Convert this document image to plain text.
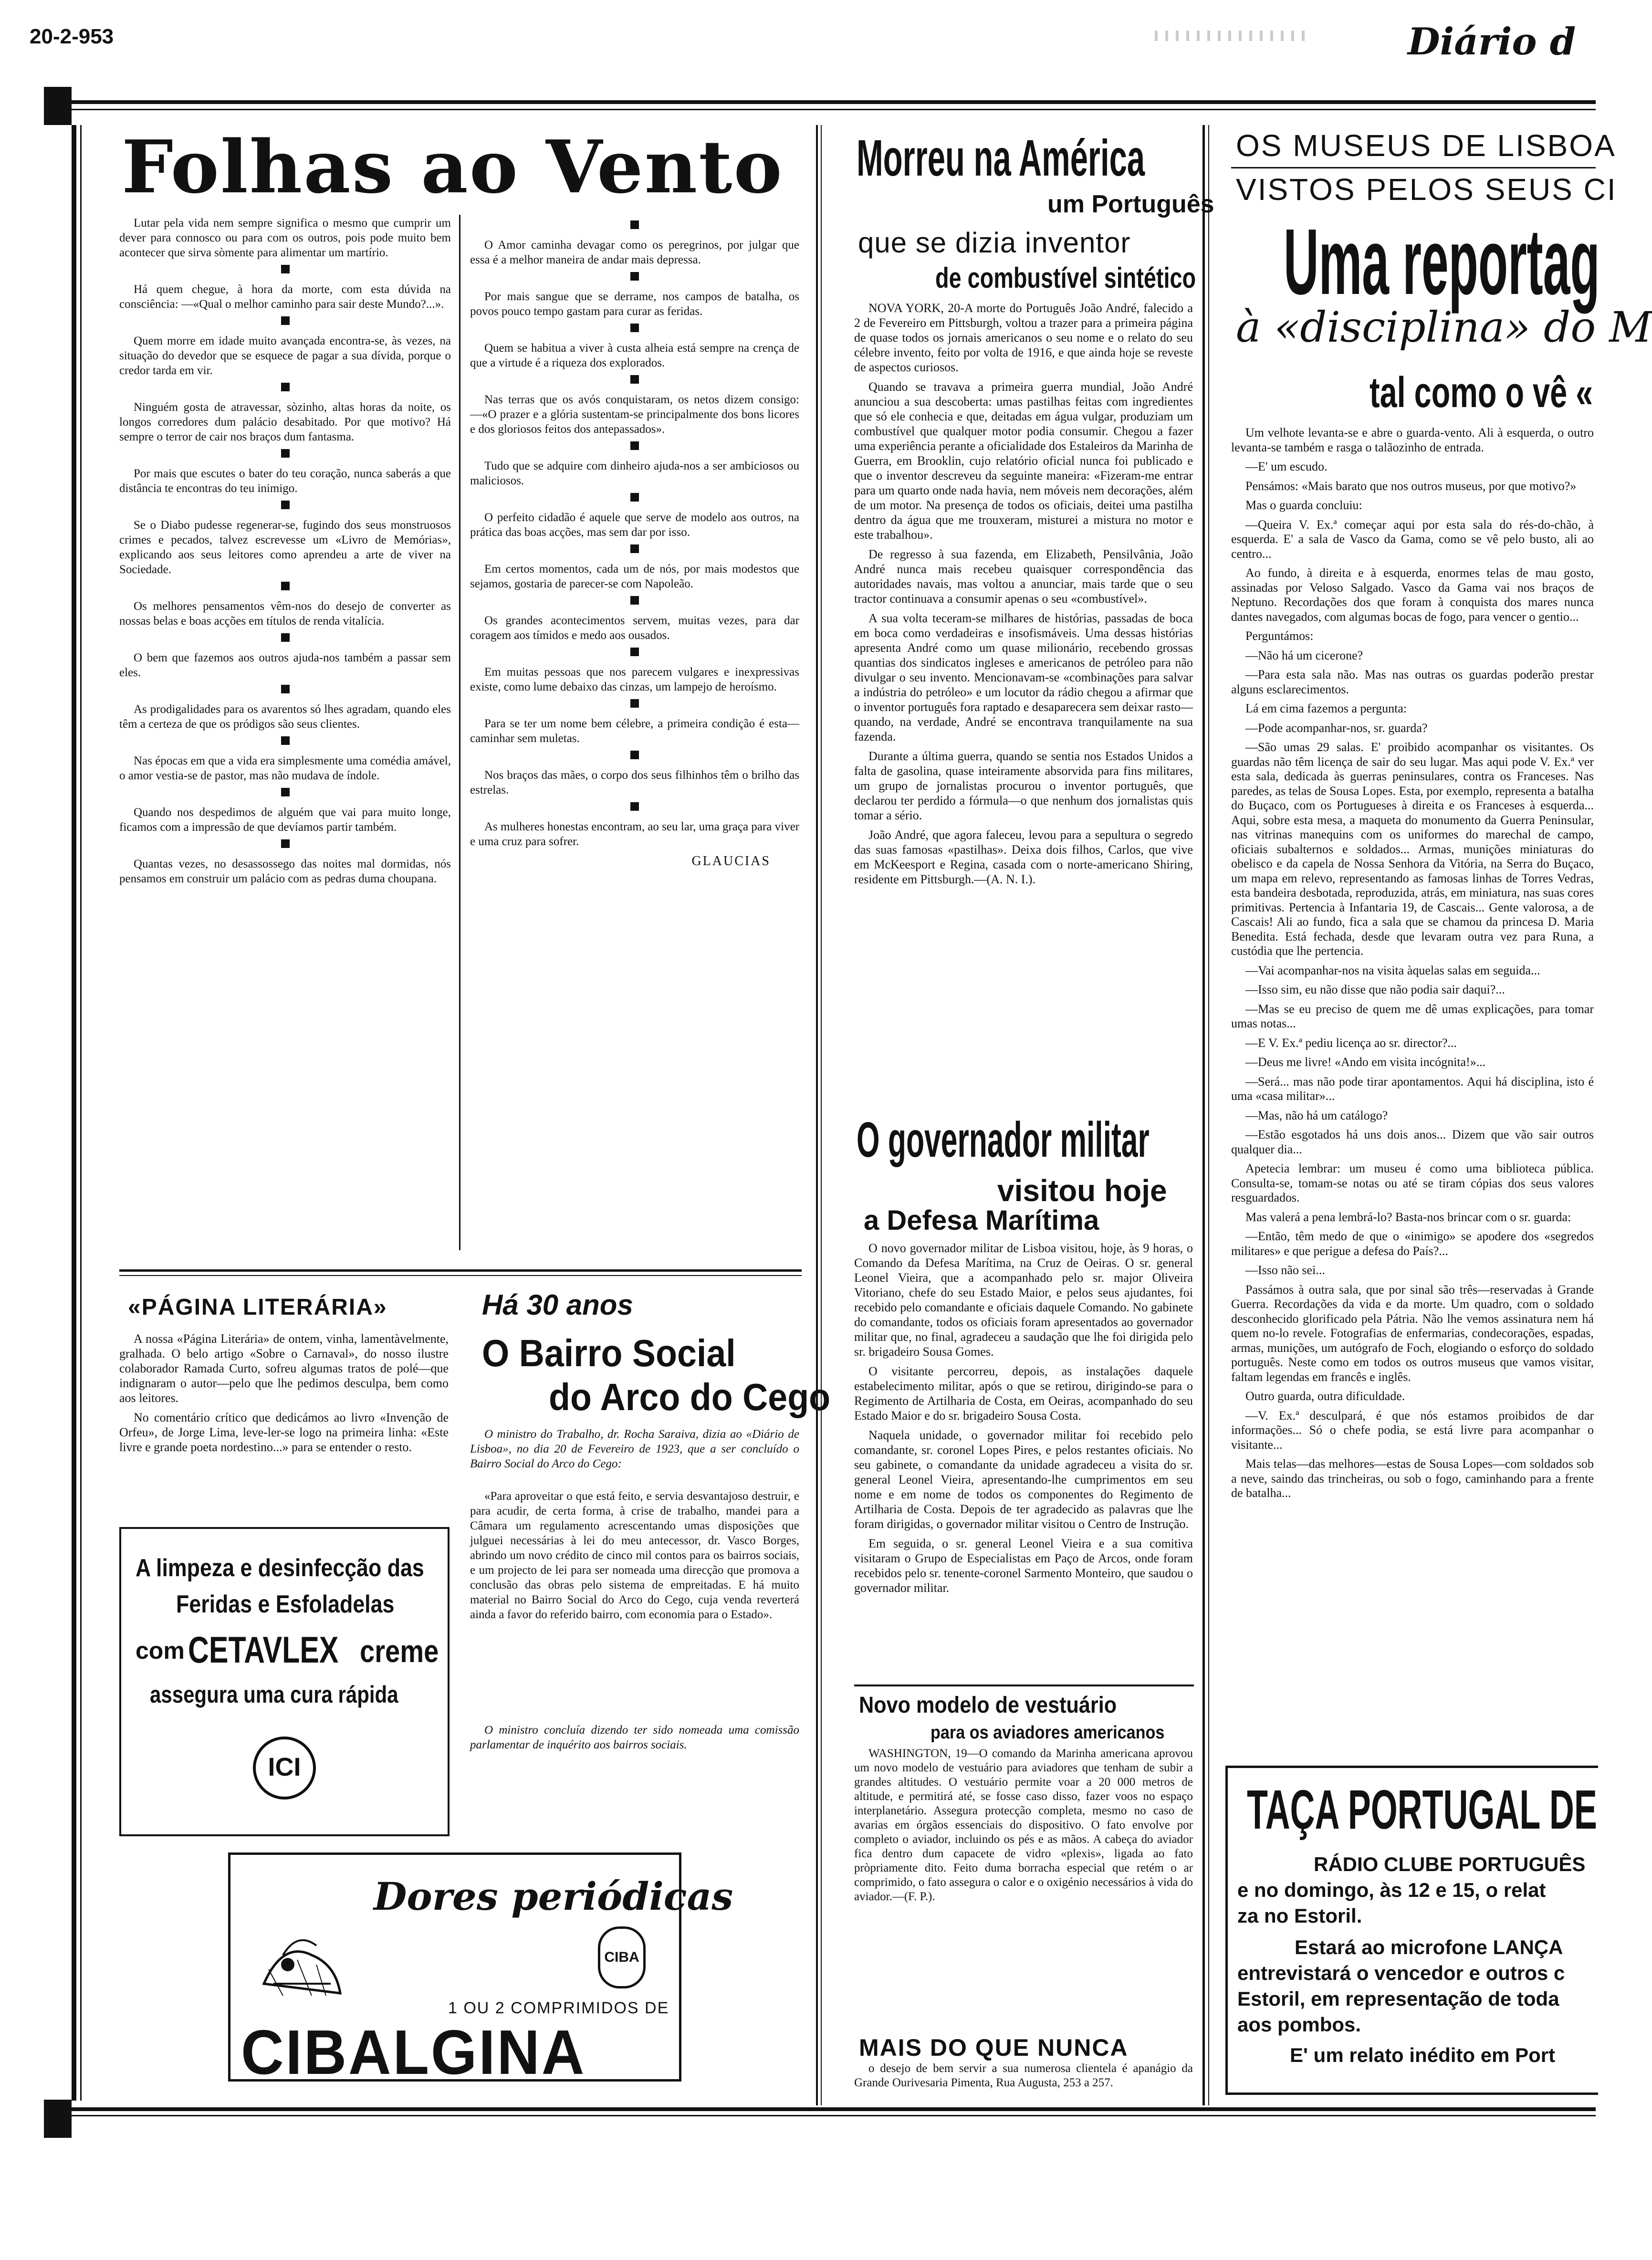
20-2-953	Diário d
Folhas ao Vento

Lutar pela vida nem sempre significa o mesmo que cumprir um dever para connosco ou para com os outros, pois pode muito bem acontecer que sirva sòmente para alimentar um martírio.

Há quem chegue, à hora da morte, com esta dúvida na consciência: —«Qual o melhor caminho para sair deste Mundo?...».

Quem morre em idade muito avançada encontra-se, às vezes, na situação do devedor que se esquece de pagar a sua dívida, porque o credor tarda em vir.

Ninguém gosta de atravessar, sòzinho, altas horas da noite, os longos corredores dum palácio desabitado. Por que motivo? Há sempre o terror de cair nos braços dum fantasma.

Por mais que escutes o bater do teu coração, nunca saberás a que distância te encontras do teu inimigo.

Se o Diabo pudesse regenerar-se, fugindo dos seus monstruosos crimes e pecados, talvez escrevesse um «Livro de Memórias», explicando aos seus leitores como aprendeu a arte de viver na Sociedade.

Os melhores pensamentos vêm-nos do desejo de converter as nossas belas e boas acções em títulos de renda vitalícia.

O bem que fazemos aos outros ajuda-nos também a passar sem eles.

As prodigalidades para os avarentos só lhes agradam, quando eles têm a certeza de que os pródigos são seus clientes.

Nas épocas em que a vida era simplesmente uma comédia amável, o amor vestia-se de pastor, mas não mudava de índole.

Quando nos despedimos de alguém que vai para muito longe, ficamos com a impressão de que devíamos partir também.

Quantas vezes, no desassossego das noites mal dormidas, nós pensamos em construir um palácio com as pedras duma choupana.

O Amor caminha devagar como os peregrinos, por julgar que essa é a melhor maneira de andar mais depressa.

Por mais sangue que se derrame, nos campos de batalha, os povos pouco tempo gastam para curar as feridas.

Quem se habitua a viver à custa alheia está sempre na crença de que a virtude é a riqueza dos explorados.

Nas terras que os avós conquistaram, os netos dizem consigo: —«O prazer e a glória sustentam-se principalmente dos bons licores e dos gloriosos feitos dos antepassados».

Tudo que se adquire com dinheiro ajuda-nos a ser ambiciosos ou maliciosos.

O perfeito cidadão é aquele que serve de modelo aos outros, na prática das boas acções, mas sem dar por isso.

Em certos momentos, cada um de nós, por mais modestos que sejamos, gostaria de parecer-se com Napoleão.

Os grandes acontecimentos servem, muitas vezes, para dar coragem aos tímidos e medo aos ousados.

Em muitas pessoas que nos parecem vulgares e inexpressivas existe, como lume debaixo das cinzas, um lampejo de heroísmo.

Para se ter um nome bem célebre, a primeira condição é esta—caminhar sem muletas.

Nos braços das mães, o corpo dos seus filhinhos têm o brilho das estrelas.

As mulheres honestas encontram, ao seu lar, uma graça para viver e uma cruz para sofrer.

GLAUCIAS
«PÁGINA LITERÁRIA»

A nossa «Página Literária» de ontem, vinha, lamentàvelmente, gralhada. O belo artigo «Sobre o Carnaval», do nosso ilustre colaborador Ramada Curto, sofreu algumas tratos de polé—que indignaram o autor—pelo que lhe pedimos desculpa, bem como aos leitores.

No comentário crítico que dedicámos ao livro «Invenção de Orfeu», de Jorge Lima, leve-ler-se logo na primeira linha: «Este livre e grande poeta nordestino...» para se entender o resto.

A limpeza e desinfecção das
Feridas e Esfoladelas
com CETAVLEX creme
assegura uma cura rápida
ICI
Há 30 anos
O Bairro Social
do Arco do Cego

O ministro do Trabalho, dr. Rocha Saraiva, dizia ao «Diário de Lisboa», no dia 20 de Fevereiro de 1923, que a ser concluído o Bairro Social do Arco do Cego:

«Para aproveitar o que está feito, e servia desvantajoso destruir, e para acudir, de certa forma, à crise de trabalho, mandei para a Câmara um regulamento acrescentando umas disposições que julguei necessárias à lei do meu antecessor, dr. Vasco Borges, abrindo um novo crédito de cinco mil contos para os bairros sociais, e um projecto de lei para ser nomeada uma direcção que promova a conclusão das obras pelo sistema de empreitadas. E há muito material no Bairro Social do Arco do Cego, cuja venda reverterá ainda a favor do referido bairro, com economia para o Estado».

O ministro concluía dizendo ter sido nomeada uma comissão parlamentar de inquérito aos bairros sociais.

Dores periódicas
CIBA
1 OU 2 COMPRIMIDOS DE
CIBALGINA
Morreu na América
um Português
que se dizia inventor
de combustível sintético

NOVA YORK, 20-A morte do Português João André, falecido a 2 de Fevereiro em Pittsburgh, voltou a trazer para a primeira página de quase todos os jornais americanos o seu nome e o relato do seu célebre invento, feito por volta de 1916, e que ainda hoje se reveste de aspectos curiosos.

Quando se travava a primeira guerra mundial, João André anunciou a sua descoberta: umas pastilhas feitas com ingredientes que só ele conhecia e que, deitadas em água vulgar, produziam um combustível que qualquer motor podia consumir. Chegou a fazer uma experiência perante a oficialidade dos Estaleiros da Marinha de Guerra, em Brooklin, cujo relatório oficial nunca foi publicado e que o inventor descreveu da seguinte maneira: «Fizeram-me entrar para um quarto onde nada havia, nem móveis nem decorações, além de um motor. Na presença de todos os oficiais, deitei uma pastilha dentro da água que me trouxeram, misturei a mistura no motor e este trabalhou».

De regresso à sua fazenda, em Elizabeth, Pensilvânia, João André nunca mais recebeu quaisquer correspondência das autoridades navais, mas voltou a anunciar, mais tarde que o seu tractor continuava a consumir apenas o seu «combustível».

A sua volta teceram-se milhares de histórias, passadas de boca em boca como verdadeiras e insofismáveis. Uma dessas histórias apresenta André como um quase milionário, recebendo grossas quantias dos sindicatos ingleses e americanos de petróleo para não divulgar o seu invento. Mencionavam-se «combinações para salvar a indústria do petróleo» e um locutor da rádio chegou a afirmar que o inventor português fora raptado e desaparecera sem deixar rasto—quando, na verdade, André se encontrava tranquilamente na sua fazenda.

Durante a última guerra, quando se sentia nos Estados Unidos a falta de gasolina, quase inteiramente absorvida para fins militares, um grupo de jornalistas procurou o inventor português, que declarou ter perdido a fórmula—o que nenhum dos jornalistas quis tomar a sério.

João André, que agora faleceu, levou para a sepultura o segredo das suas famosas «pastilhas». Deixa dois filhos, Carlos, que vive em McKeesport e Regina, casada com o norte-americano Shiring, residente em Pittsburgh.—(A. N. I.).

O governador militar
visitou hoje
a Defesa Marítima

O novo governador militar de Lisboa visitou, hoje, às 9 horas, o Comando da Defesa Marítima, na Cruz de Oeiras. O sr. general Leonel Vieira, que a acompanhado pelo sr. major Oliveira Vitoriano, chefe do seu Estado Maior, e pelos seus ajudantes, foi recebido pelo comandante e oficiais daquele Comando. No gabinete do comandante, todos os oficiais foram apresentados ao governador militar que, no final, agradeceu a saudação que lhe foi dirigida pelo sr. brigadeiro Sousa Gomes.

O visitante percorreu, depois, as instalações daquele estabelecimento militar, após o que se retirou, dirigindo-se para o Regimento de Artilharia de Costa, em Oeiras, acompanhado do seu Estado Maior e do sr. brigadeiro Sousa Costa.

Naquela unidade, o governador militar foi recebido pelo comandante, sr. coronel Lopes Pires, e pelos restantes oficiais. No seu gabinete, o comandante da unidade agradeceu a visita do sr. general Leonel Vieira, apresentando-lhe cumprimentos em seu nome e em nome de todos os componentes do Regimento de Artilharia de Costa. Depois de ter agradecido as palavras que lhe foram dirigidas, o governador militar visitou o Centro de Instrução.

Em seguida, o sr. general Leonel Vieira e a sua comitiva visitaram o Grupo de Especialistas em Paço de Arcos, onde foram recebidos pelo sr. tenente-coronel Sarmento Monteiro, que saudou o governador militar.

Novo modelo de vestuário
para os aviadores americanos

WASHINGTON, 19—O comando da Marinha americana aprovou um novo modelo de vestuário para aviadores que tenham de subir a grandes altitudes. O vestuário permite voar a 20 000 metros de altitude, e permitirá até, se fosse caso disso, fazer voos no espaço interplanetário. Assegura protecção completa, mesmo no caso de avarias em órgãos essenciais do dispositivo. O fato envolve por completo o aviador, incluindo os pés e as mãos. A cabeça do aviador fica dentro dum capacete de vidro «plexis», ligada ao fato pròpriamente dito. Feito duma borracha especial que retém o ar comprimido, o fato assegura o calor e o oxigénio necessários à vida do aviador.—(F. P.).

MAIS DO QUE NUNCA

o desejo de bem servir a sua numerosa clientela é apanágio da Grande Ourivesaria Pimenta, Rua Augusta, 253 a 257.

OS MUSEUS DE LISBOA
VISTOS PELOS SEUS CI
Uma reportag
à «disciplina» do M
tal como o vê «

Um velhote levanta-se e abre o guarda-vento. Ali à esquerda, o outro levanta-se também e rasga o talãozinho de entrada.

—E' um escudo.

Pensámos: «Mais barato que nos outros museus, por que motivo?»

Mas o guarda concluiu:

—Queira V. Ex.ª começar aqui por esta sala do rés-do-chão, à esquerda. E' a sala de Vasco da Gama, como se vê pelo busto, ali ao centro...

Ao fundo, à direita e à esquerda, enormes telas de mau gosto, assinadas por Veloso Salgado. Vasco da Gama vai nos braços de Neptuno. Recordações dos que foram à conquista dos mares nunca dantes navegados, com algumas bocas de fogo, para vencer o gentio...

Perguntámos:

—Não há um cicerone?

—Para esta sala não. Mas nas outras os guardas poderão prestar alguns esclarecimentos.

Lá em cima fazemos a pergunta:

—Pode acompanhar-nos, sr. guarda?

—São umas 29 salas. E' proibido acompanhar os visitantes. Os guardas não têm licença de sair do seu lugar. Mas aqui pode V. Ex.ª ver esta sala, dedicada às guerras peninsulares, contra os Franceses. Nas paredes, as telas de Sousa Lopes. Esta, por exemplo, representa a batalha do Buçaco, com os Portugueses à direita e os Franceses à esquerda... Aqui, sobre esta mesa, a maqueta do monumento da Guerra Peninsular, nas vitrinas manequins com os uniformes do marechal de campo, oficiais subalternos e soldados... Armas, munições miniaturas do obelisco e da capela de Nossa Senhora da Vitória, na Serra do Buçaco, um mapa em relevo, representando as famosas linhas de Torres Vedras, esta bandeira desbotada, reproduzida, atrás, em miniatura, nas suas cores primitivas. Pertencia à Infantaria 19, de Cascais... Gente valorosa, a de Cascais! Ali ao fundo, fica a sala que se chamou da princesa D. Maria Benedita. Está fechada, desde que levaram outra vez para Runa, a custódia que lhe pertencia.

—Vai acompanhar-nos na visita àquelas salas em seguida...

—Isso sim, eu não disse que não podia sair daqui?...

—Mas se eu preciso de quem me dê umas explicações, para tomar umas notas...

—E V. Ex.ª pediu licença ao sr. director?...

—Deus me livre! «Ando em visita incógnita!»...

—Será... mas não pode tirar apontamentos. Aqui há disciplina, isto é uma «casa militar»...

—Mas, não há um catálogo?

—Estão esgotados há uns dois anos... Dizem que vão sair outros qualquer dia...

Apetecia lembrar: um museu é como uma biblioteca pública. Consulta-se, tomam-se notas ou até se tiram cópias dos seus valores resguardados.

Mas valerá a pena lembrá-lo? Basta-nos brincar com o sr. guarda:

—Então, têm medo de que o «inimigo» se apodere dos «segredos militares» e que perigue a defesa do País?...

—Isso não sei...

Passámos à outra sala, que por sinal são três—reservadas à Grande Guerra. Recordações da vida e da morte. Um quadro, com o soldado desconhecido glorificado pela Pátria. Não lhe vemos assinatura nem há quem no-lo revele. Fotografias de enfermarias, condecorações, espadas, armas, munições, um autógrafo de Foch, elogiando o esforço do soldado português. Neste como em todos os outros museus que vamos visitar, faltam legendas em francês e inglês.

Outro guarda, outra dificuldade.

—V. Ex.ª desculpará, é que nós estamos proibidos de dar informações... Só o chefe podia, se está livre para acompanhar o visitante...

Mais telas—das melhores—estas de Sousa Lopes—com soldados sob a neve, saindo das trincheiras, ou sob o fogo, caminhando para a frente de batalha...

TAÇA PORTUGAL DE
RÁDIO CLUBE PORTUGUÊS
e no domingo, às 12 e 15, o relat
za no Estoril.
Estará ao microfone LANÇA
entrevistará o vencedor e outros c
Estoril, em representação de toda
aos pombos.
E' um relato inédito em Port
